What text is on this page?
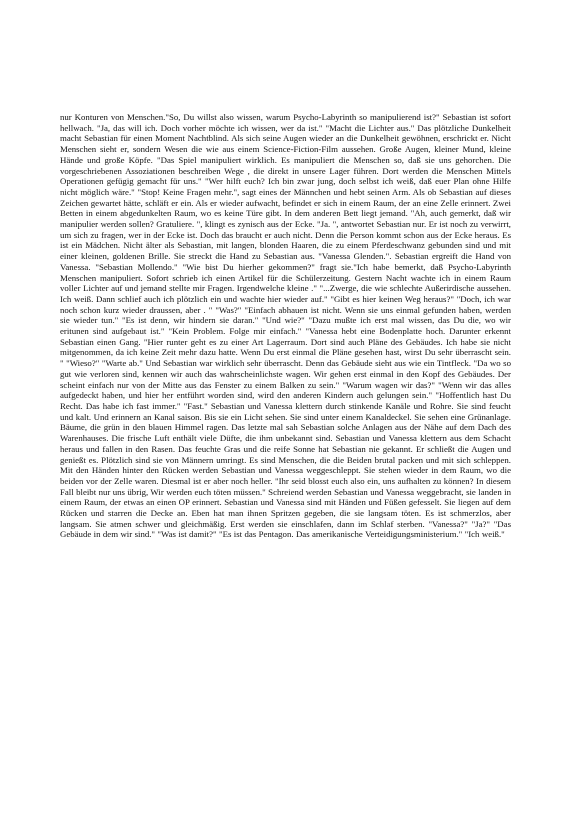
nur Konturen von Menschen."So, Du willst also wissen, warum Psycho-Labyrinth so manipulierend ist?" Sebastian ist sofort hellwach. "Ja, das will ich. Doch vorher möchte ich wissen, wer da ist." "Macht die Lichter aus." Das plötzliche Dunkelheit macht Sebastian für einen Moment Nachtblind. Als sich seine Augen wieder an die Dunkelheit gewöhnen, erschrickt er. Nicht Menschen sieht er, sondern Wesen die wie aus einem Science-Fiction-Film aussehen. Große Augen, kleiner Mund, kleine Hände und große Köpfe. "Das Spiel manipuliert wirklich. Es manipuliert die Menschen so, daß sie uns gehorchen. Die vorgeschriebenen Assoziationen beschreiben Wege , die direkt in unsere Lager führen. Dort werden die Menschen Mittels Operationen gefügig gemacht für uns." "Wer hilft euch? Ich bin zwar jung, doch selbst ich weiß, daß euer Plan ohne Hilfe nicht möglich wäre." "Stop! Keine Fragen mehr.", sagt eines der Männchen und hebt seinen Arm. Als ob Sebastian auf dieses Zeichen gewartet hätte, schläft er ein. Als er wieder aufwacht, befindet er sich in einem Raum, der an eine Zelle erinnert. Zwei Betten in einem abgedunkelten Raum, wo es keine Türe gibt. In dem anderen Bett liegt jemand. "Ah, auch gemerkt, daß wir manipulier werden sollen? Gratuliere. ", klingt es zynisch aus der Ecke. "Ja. ", antwortet Sebastian nur. Er ist noch zu verwirrt, um sich zu fragen, wer in der Ecke ist. Doch das braucht er auch nicht. Denn die Person kommt schon aus der Ecke heraus. Es ist ein Mädchen. Nicht älter als Sebastian, mit langen, blonden Haaren, die zu einem Pferdeschwanz gebunden sind und mit einer kleinen, goldenen Brille. Sie streckt die Hand zu Sebastian aus. "Vanessa Glenden.". Sebastian ergreift die Hand von Vanessa. "Sebastian Mollendo." "Wie bist Du hierher gekommen?" fragt sie."Ich habe bemerkt, daß Psycho-Labyrinth Menschen manipuliert. Sofort schrieb ich einen Artikel für die Schülerzeitung. Gestern Nacht wachte ich in einem Raum voller Lichter auf und jemand stellte mir Fragen. Irgendwelche kleine ." "...Zwerge, die wie schlechte Außerirdische aussehen. Ich weiß. Dann schlief auch ich plötzlich ein und wachte hier wieder auf." "Gibt es hier keinen Weg heraus?" "Doch, ich war noch schon kurz wieder draussen, aber . " "Was?" "Einfach abhauen ist nicht. Wenn sie uns einmal gefunden haben, werden sie wieder tun." "Es ist denn, wir hindern sie daran." "Und wie?" "Dazu mußte ich erst mal wissen, das Du die, wo wir eritunen sind aufgebaut ist." "Kein Problem. Folge mir einfach." "Vanessa hebt eine Bodenplatte hoch. Darunter erkennt Sebastian einen Gang. "Hier runter geht es zu einer Art Lagerraum. Dort sind auch Pläne des Gebäudes. Ich habe sie nicht mitgenommen, da ich keine Zeit mehr dazu hatte. Wenn Du erst einmal die Pläne gesehen hast, wirst Du sehr überrascht sein. " "Wieso?" "Warte ab." Und Sebastian war wirklich sehr überrascht. Denn das Gebäude sieht aus wie ein Tintfleck. "Da wo so gut wie verloren sind, kennen wir auch das wahrscheinlichste wagen. Wir gehen erst einmal in den Kopf des Gebäudes. Der scheint einfach nur von der Mitte aus das Fenster zu einem Balken zu sein." "Warum wagen wir das?" "Wenn wir das alles aufgedeckt haben, und hier her entführt worden sind, wird den anderen Kindern auch gelungen sein." "Hoffentlich hast Du Recht. Das habe ich fast immer." "Fast." Sebastian und Vanessa klettern durch stinkende Kanäle und Rohre. Sie sind feucht und kalt. Und erinnern an Kanal saison. Bis sie ein Licht sehen. Sie sind unter einem Kanaldeckel. Sie sehen eine Grünanlage. Bäume, die grün in den blauen Himmel ragen. Das letzte mal sah Sebastian solche Anlagen aus der Nähe auf dem Dach des Warenhauses. Die frische Luft enthält viele Düfte, die ihm unbekannt sind. Sebastian und Vanessa klettern aus dem Schacht heraus und fallen in den Rasen. Das feuchte Gras und die reife Sonne hat Sebastian nie gekannt. Er schließt die Augen und genießt es. Plötzlich sind sie von Männern umringt. Es sind Menschen, die die Beiden brutal packen und mit sich schleppen. Mit den Händen hinter den Rücken werden Sebastian und Vanessa weggeschleppt. Sie stehen wieder in dem Raum, wo die beiden vor der Zelle waren. Diesmal ist er aber noch heller. "Ihr seid blosst euch also ein, uns aufhalten zu können? In diesem Fall bleibt nur uns übrig, Wir werden euch töten müssen." Schreiend werden Sebastian und Vanessa weggebracht, sie landen in einem Raum, der etwas an einen OP erinnert. Sebastian und Vanessa sind mit Händen und Füßen gefesselt. Sie liegen auf dem Rücken und starren die Decke an. Eben hat man ihnen Spritzen gegeben, die sie langsam töten. Es ist schmerzlos, aber langsam. Sie atmen schwer und gleichmäßig. Erst werden sie einschlafen, dann im Schlaf sterben. "Vanessa?" "Ja?" "Das Gebäude in dem wir sind." "Was ist damit?" "Es ist das Pentagon. Das amerikanische Verteidigungsministerium." "Ich weiß."
